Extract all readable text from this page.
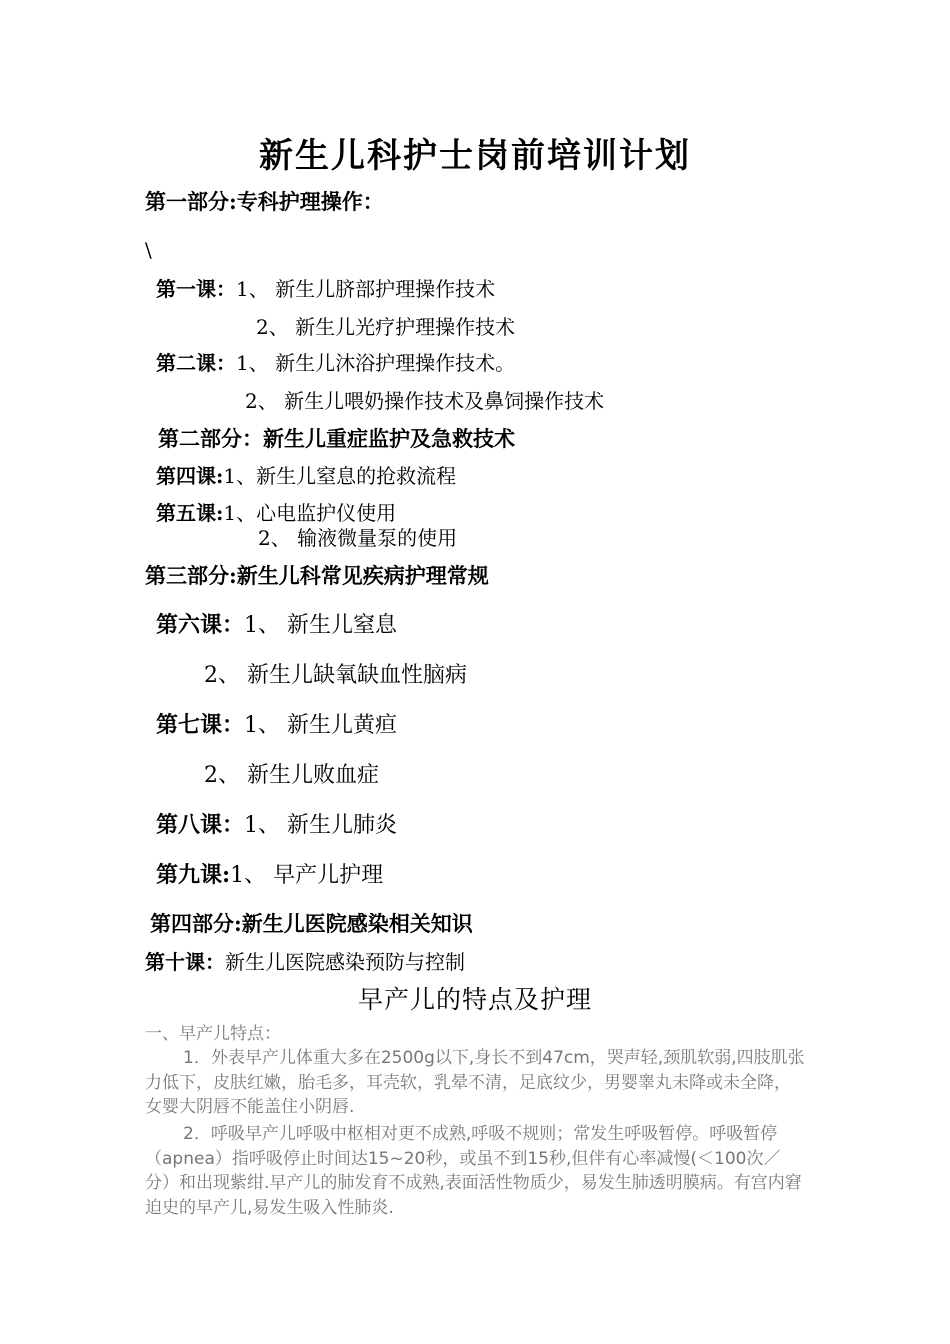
新生儿科护士岗前培训计划
第一部分:专科护理操作：
\
第一课：1、 新生儿脐部护理操作技术
2、 新生儿光疗护理操作技术
第二课：1、 新生儿沐浴护理操作技术。
2、 新生儿喂奶操作技术及鼻饲操作技术
第二部分：新生儿重症监护及急救技术
第四课:1、新生儿窒息的抢救流程
第五课:1、心电监护仪使用
2、 输液微量泵的使用
第三部分:新生儿科常见疾病护理常规
第六课：1、 新生儿窒息
2、 新生儿缺氧缺血性脑病
第七课：1、 新生儿黄疸
2、 新生儿败血症
第八课：1、 新生儿肺炎
第九课:1、 早产儿护理
第四部分:新生儿医院感染相关知识
第十课：新生儿医院感染预防与控制
早产儿的特点及护理
一、早产儿特点：
1．外表早产儿体重大多在2500g以下,身长不到47cm，哭声轻,颈肌软弱,四肢肌张力低下，皮肤红嫩，胎毛多，耳壳软，乳晕不清，足底纹少，男婴睾丸未降或未全降，女婴大阴唇不能盖住小阴唇.
2．呼吸早产儿呼吸中枢相对更不成熟,呼吸不规则；常发生呼吸暂停。呼吸暂停（apnea）指呼吸停止时间达15~20秒，或虽不到15秒,但伴有心率减慢(＜100次／分）和出现紫绀.早产儿的肺发育不成熟,表面活性物质少，易发生肺透明膜病。有宫内窘迫史的早产儿,易发生吸入性肺炎.
